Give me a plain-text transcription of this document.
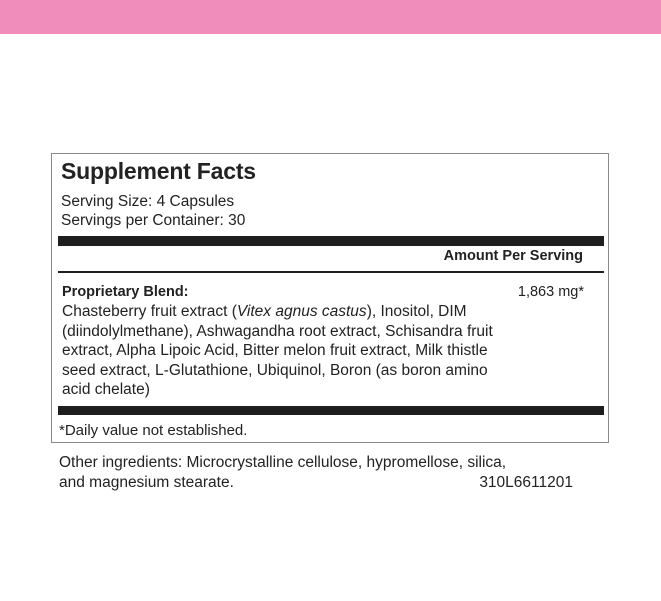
Supplement Facts
Serving Size: 4 Capsules
Servings per Container: 30
Amount Per Serving
Proprietary Blend:	1,863 mg*
Chasteberry fruit extract (Vitex agnus castus), Inositol, DIM
(diindolylmethane), Ashwagandha root extract, Schisandra fruit
extract, Alpha Lipoic Acid, Bitter melon fruit extract, Milk thistle
seed extract, L-Glutathione, Ubiquinol, Boron (as boron amino
acid chelate)
*Daily value not established.
Other ingredients: Microcrystalline cellulose, hypromellose, silica,
and magnesium stearate.	310L6611201
